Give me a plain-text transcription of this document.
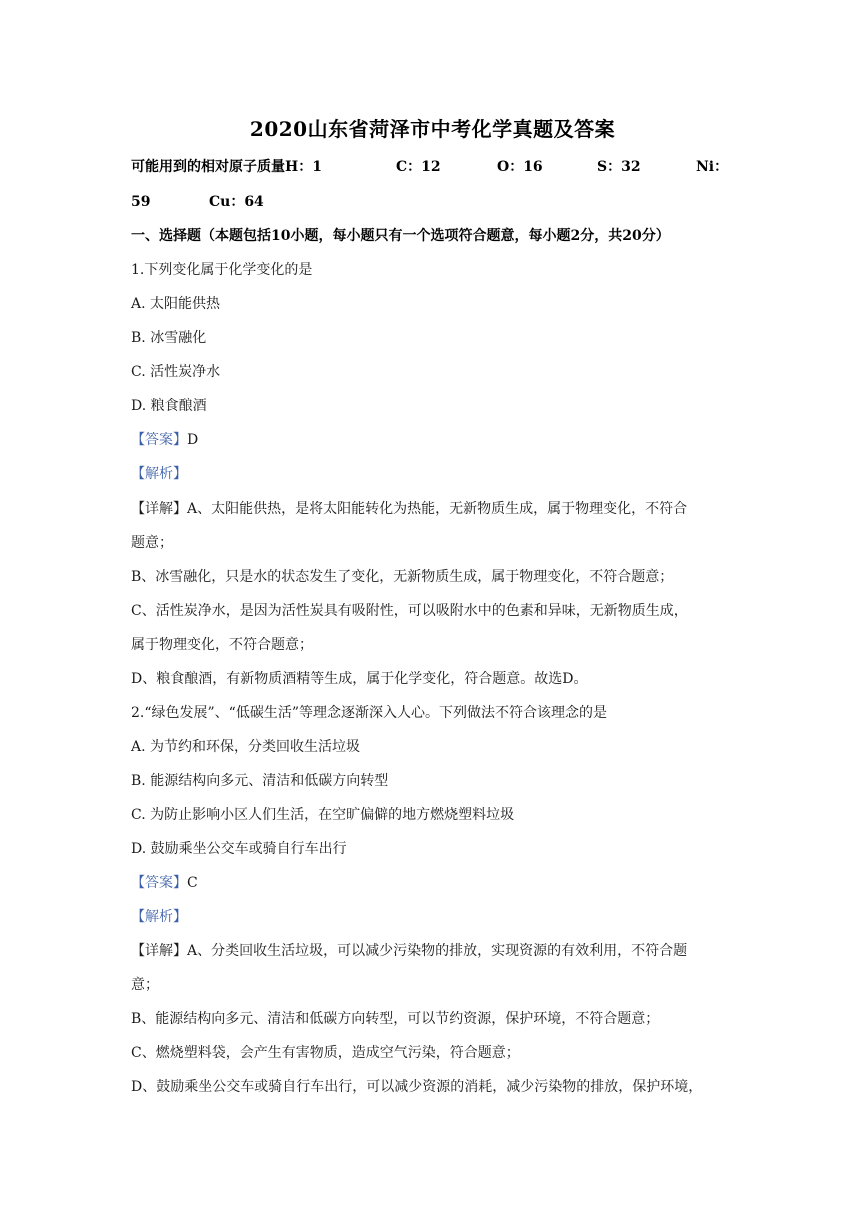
2020山东省菏泽市中考化学真题及答案
可能用到的相对原子质量 H：1	C：12	O：16	S：32	Ni：
59	Cu：64
一、选择题（本题包括10小题，每小题只有一个选项符合题意，每小题2分，共20分）
1.下列变化属于化学变化的是
A. 太阳能供热
B. 冰雪融化
C. 活性炭净水
D. 粮食酿酒
【答案】D
【解析】
【详解】A、太阳能供热，是将太阳能转化为热能，无新物质生成，属于物理变化，不符合
题意；
B、冰雪融化，只是水的状态发生了变化，无新物质生成，属于物理变化，不符合题意；
C、活性炭净水，是因为活性炭具有吸附性，可以吸附水中的色素和异味，无新物质生成，
属于物理变化，不符合题意；
D、粮食酿酒，有新物质酒精等生成，属于化学变化，符合题意。故选D。
2.“绿色发展”、“低碳生活”等理念逐渐深入人心。下列做法不符合该理念的是
A. 为节约和环保，分类回收生活垃圾
B. 能源结构向多元、清洁和低碳方向转型
C. 为防止影响小区人们生活，在空旷偏僻的地方燃烧塑料垃圾
D. 鼓励乘坐公交车或骑自行车出行
【答案】C
【解析】
【详解】A、分类回收生活垃圾，可以减少污染物的排放，实现资源的有效利用，不符合题
意；
B、能源结构向多元、清洁和低碳方向转型，可以节约资源，保护环境，不符合题意；
C、燃烧塑料袋，会产生有害物质，造成空气污染，符合题意；
D、鼓励乘坐公交车或骑自行车出行，可以减少资源的消耗，减少污染物的排放，保护环境，
